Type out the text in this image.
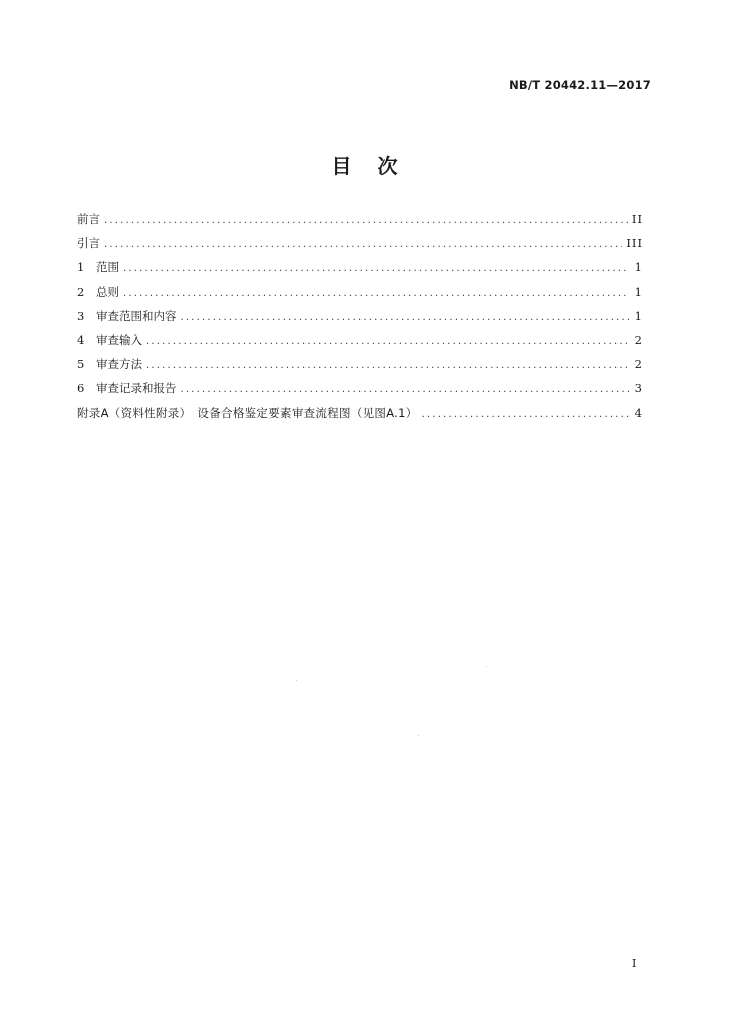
NB/T 20442.11—2017
目次
前言 .....	II
引言 .....	III
1	范围 .....	1
2	总则 .....	1
3	审查范围和内容 .....	1
4	审查输入 .....	2
5	审查方法 .....	2
6	审查记录和报告 .....	3
附录A（资料性附录）　设备合格鉴定要素审查流程图（见图A.1） .....	4
I
